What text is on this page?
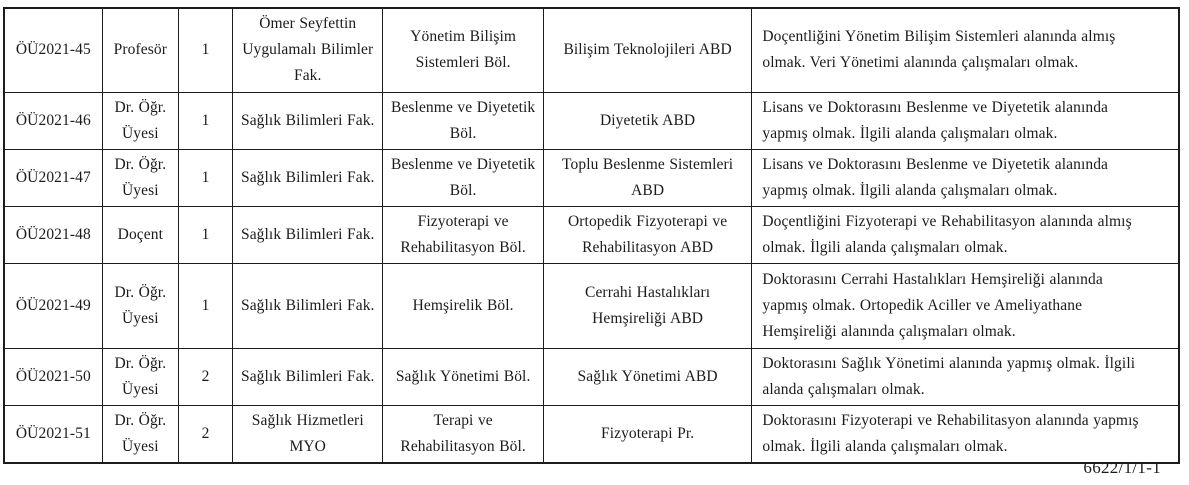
ÖÜ2021-45	Profesör	1	Ömer Seyfettin Uygulamalı Bilimler Fak.	Yönetim Bilişim Sistemleri Böl.	Bilişim Teknolojileri ABD	Doçentliğini Yönetim Bilişim Sistemleri alanında almış olmak. Veri Yönetimi alanında çalışmaları olmak.
ÖÜ2021-46	Dr. Öğr. Üyesi	1	Sağlık Bilimleri Fak.	Beslenme ve Diyetetik Böl.	Diyetetik ABD	Lisans ve Doktorasını Beslenme ve Diyetetik alanında yapmış olmak. İlgili alanda çalışmaları olmak.
ÖÜ2021-47	Dr. Öğr. Üyesi	1	Sağlık Bilimleri Fak.	Beslenme ve Diyetetik Böl.	Toplu Beslenme Sistemleri ABD	Lisans ve Doktorasını Beslenme ve Diyetetik alanında yapmış olmak. İlgili alanda çalışmaları olmak.
ÖÜ2021-48	Doçent	1	Sağlık Bilimleri Fak.	Fizyoterapi ve Rehabilitasyon Böl.	Ortopedik Fizyoterapi ve Rehabilitasyon ABD	Doçentliğini Fizyoterapi ve Rehabilitasyon alanında almış olmak. İlgili alanda çalışmaları olmak.
ÖÜ2021-49	Dr. Öğr. Üyesi	1	Sağlık Bilimleri Fak.	Hemşirelik Böl.	Cerrahi Hastalıkları Hemşireliği ABD	Doktorasını Cerrahi Hastalıkları Hemşireliği alanında yapmış olmak. Ortopedik Aciller ve Ameliyathane Hemşireliği alanında çalışmaları olmak.
ÖÜ2021-50	Dr. Öğr. Üyesi	2	Sağlık Bilimleri Fak.	Sağlık Yönetimi Böl.	Sağlık Yönetimi ABD	Doktorasını Sağlık Yönetimi alanında yapmış olmak. İlgili alanda çalışmaları olmak.
ÖÜ2021-51	Dr. Öğr. Üyesi	2	Sağlık Hizmetleri MYO	Terapi ve Rehabilitasyon Böl.	Fizyoterapi Pr.	Doktorasını Fizyoterapi ve Rehabilitasyon alanında yapmış olmak. İlgili alanda çalışmaları olmak.
6622/1/1-1
